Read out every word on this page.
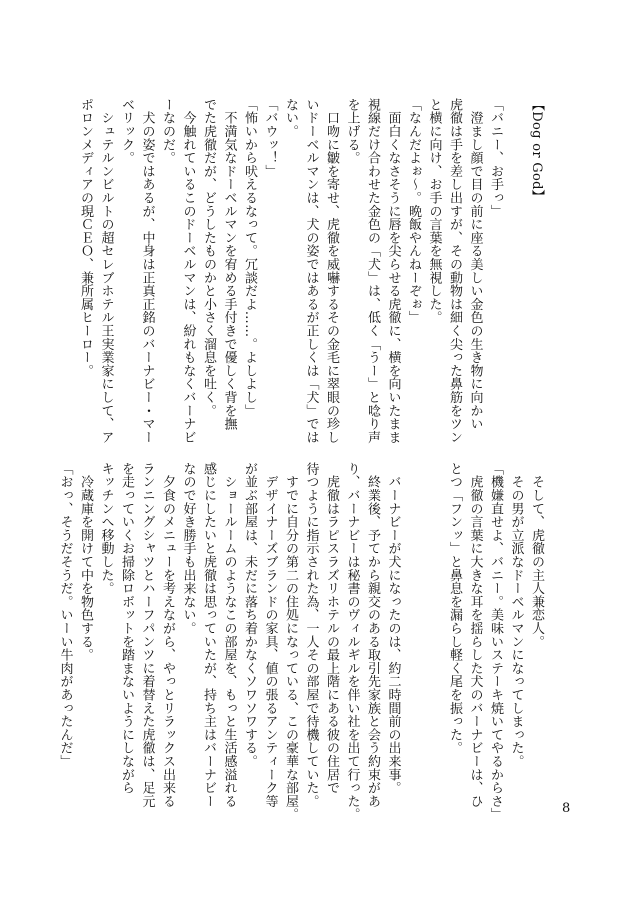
【Dog or God】

「バニー、お手っ」

　澄まし顔で目の前に座る美しい金色の生き物に向かい

虎徹は手を差し出すが、その動物は細く尖った鼻筋をツン

と横に向け、お手の言葉を無視した。

「なんだよぉ〜。晩飯やんねーぞぉ」

　面白くなさそうに唇を尖らせる虎徹に、横を向いたまま

視線だけ合わせた金色の「犬」は、低く「うー」と唸り声

を上げる。

　口吻に皺を寄せ、虎徹を威嚇するその金毛に翠眼の珍し

いドーベルマンは、犬の姿ではあるが正しくは「犬」では

ない。

「バウッ！」

「怖いから吠えるなって。冗談だよ……。よしよし」

　不満気なドーベルマンを宥める手付きで優しく背を撫

でた虎徹だが、どうしたものかと小さく溜息を吐く。

　今触れているこのドーベルマンは、紛れもなくバーナビ

ーなのだ。

　犬の姿ではあるが、中身は正真正銘のバーナビー・マー

ベリック。

　シュテルンビルトの超セレブホテル王実業家にして、ア

ポロンメディアの現ＣＥＯ、兼所属ヒーロー。

　そして、虎徹の主人兼恋人。

　その男が立派なドーベルマンになってしまった。

「機嫌直せよ、バニー。美味いステーキ焼いてやるからさ」

　虎徹の言葉に大きな耳を揺らした犬のバーナビーは、ひ

とつ「フンッ」と鼻息を漏らし軽く尾を振った。

　バーナビーが犬になったのは、約二時間前の出来事。

　終業後、予てから親交のある取引先家族と会う約束があ

り、バーナビーは秘書のヴィルギルを伴い社を出て行った。

　虎徹はラピスラズリホテルの最上階にある彼の住居で

待つように指示された為、一人その部屋で待機していた。

　すでに自分の第二の住処になっている、この豪華な部屋。

　デザイナーズブランドの家具、値の張るアンティーク等

が並ぶ部屋は、未だに落ち着かなくソワソワする。

　ショールームのようなこの部屋を、もっと生活感溢れる

感じにしたいと虎徹は思っていたが、持ち主はバーナビー

なので好き勝手も出来ない。

　夕食のメニューを考えながら、やっとリラックス出来る

ランニングシャツとハーフパンツに着替えた虎徹は、足元

を走っていくお掃除ロボットを踏まないようにしながら

キッチンへ移動した。

　冷蔵庫を開けて中を物色する。

「おっ、そうだそうだ。いーい牛肉があったんだ」

8
